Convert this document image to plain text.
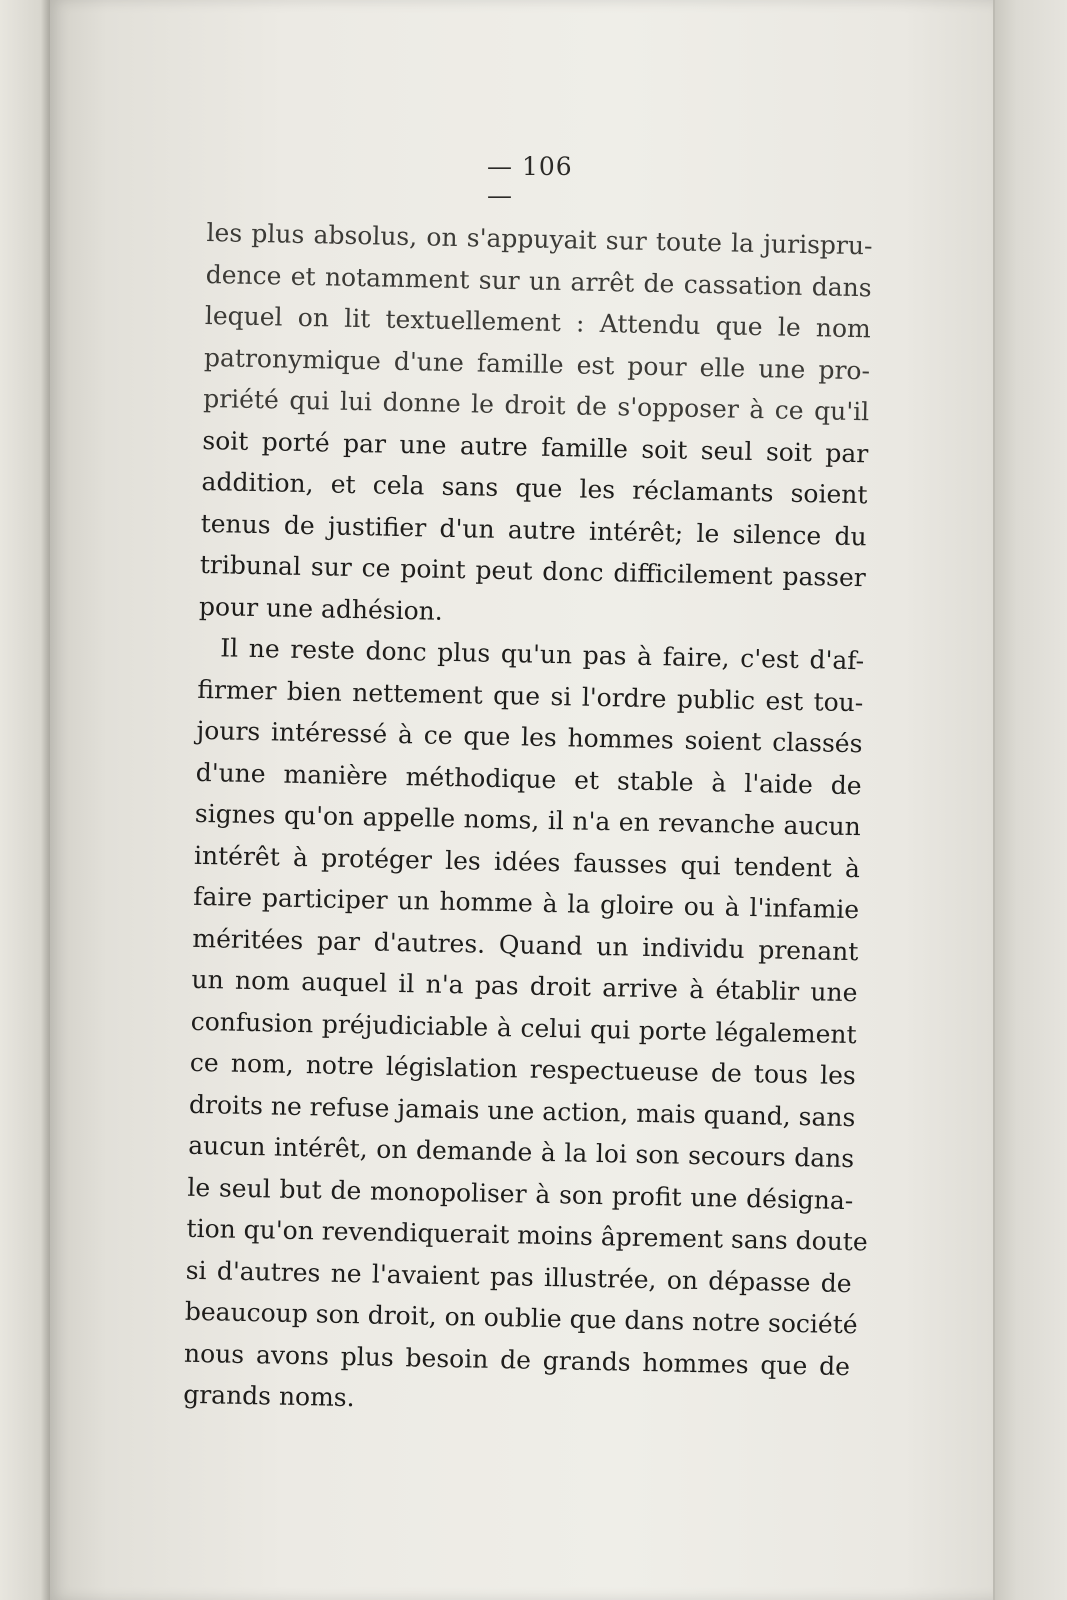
— 106 —
les plus absolus, on s'appuyait sur toute la jurispru-
dence et notamment sur un arrêt de cassation dans
lequel on lit textuellement : Attendu que le nom
patronymique d'une famille est pour elle une pro-
priété qui lui donne le droit de s'opposer à ce qu'il
soit porté par une autre famille soit seul soit par
addition, et cela sans que les réclamants soient
tenus de justifier d'un autre intérêt; le silence du
tribunal sur ce point peut donc difficilement passer
pour une adhésion.
Il ne reste donc plus qu'un pas à faire, c'est d'af-
firmer bien nettement que si l'ordre public est tou-
jours intéressé à ce que les hommes soient classés
d'une manière méthodique et stable à l'aide de
signes qu'on appelle noms, il n'a en revanche aucun
intérêt à protéger les idées fausses qui tendent à
faire participer un homme à la gloire ou à l'infamie
méritées par d'autres. Quand un individu prenant
un nom auquel il n'a pas droit arrive à établir une
confusion préjudiciable à celui qui porte légalement
ce nom, notre législation respectueuse de tous les
droits ne refuse jamais une action, mais quand, sans
aucun intérêt, on demande à la loi son secours dans
le seul but de monopoliser à son profit une désigna-
tion qu'on revendiquerait moins âprement sans doute
si d'autres ne l'avaient pas illustrée, on dépasse de
beaucoup son droit, on oublie que dans notre société
nous avons plus besoin de grands hommes que de
grands noms.
